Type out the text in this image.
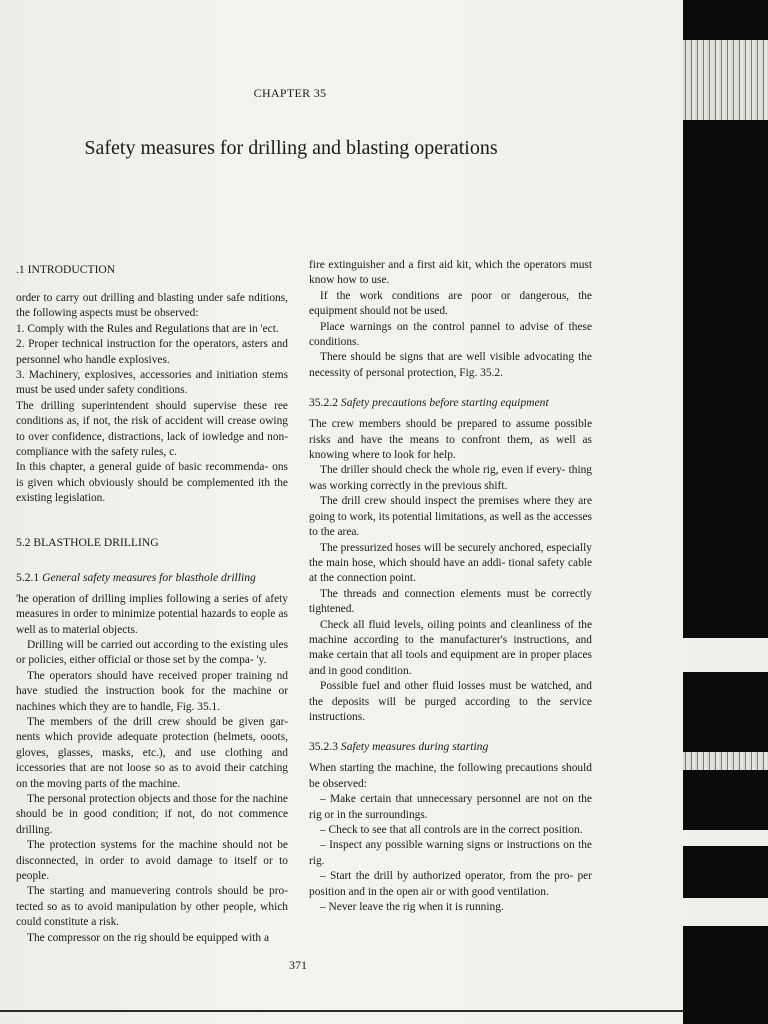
CHAPTER 35
Safety measures for drilling and blasting operations
.1 INTRODUCTION

order to carry out drilling and blasting under safe nditions, the following aspects must be observed:

1. Comply with the Rules and Regulations that are in 'ect.

2. Proper technical instruction for the operators, asters and personnel who handle explosives.

3. Machinery, explosives, accessories and initiation stems must be used under safety conditions.

The drilling superintendent should supervise these ree conditions as, if not, the risk of accident will crease owing to over confidence, distractions, lack of iowledge and non-compliance with the safety rules, c.

In this chapter, a general guide of basic recommenda- ons is given which obviously should be complemented ith the existing legislation.

5.2 BLASTHOLE DRILLING
5.2.1 General safety measures for blasthole drilling

'he operation of drilling implies following a series of afety measures in order to minimize potential hazards to eople as well as to material objects.

Drilling will be carried out according to the existing ules or policies, either official or those set by the compa- 'y.

The operators should have received proper training nd have studied the instruction book for the machine or nachines which they are to handle, Fig. 35.1.

The members of the drill crew should be given gar- nents which provide adequate protection (helmets, ooots, gloves, glasses, masks, etc.), and use clothing and iccessories that are not loose so as to avoid their catching on the moving parts of the machine.

The personal protection objects and those for the nachine should be in good condition; if not, do not commence drilling.

The protection systems for the machine should not be disconnected, in order to avoid damage to itself or to people.

The starting and manuevering controls should be pro- tected so as to avoid manipulation by other people, which could constitute a risk.

The compressor on the rig should be equipped with a

fire extinguisher and a first aid kit, which the operators must know how to use.

If the work conditions are poor or dangerous, the equipment should not be used.

Place warnings on the control pannel to advise of these conditions.

There should be signs that are well visible advocating the necessity of personal protection, Fig. 35.2.

35.2.2 Safety precautions before starting equipment

The crew members should be prepared to assume possible risks and have the means to confront them, as well as knowing where to look for help.

The driller should check the whole rig, even if every- thing was working correctly in the previous shift.

The drill crew should inspect the premises where they are going to work, its potential limitations, as well as the accesses to the area.

The pressurized hoses will be securely anchored, especially the main hose, which should have an addi- tional safety cable at the connection point.

The threads and connection elements must be correctly tightened.

Check all fluid levels, oiling points and cleanliness of the machine according to the manufacturer's instructions, and make certain that all tools and equipment are in proper places and in good condition.

Possible fuel and other fluid losses must be watched, and the deposits will be purged according to the service instructions.

35.2.3 Safety measures during starting

When starting the machine, the following precautions should be observed:

– Make certain that unnecessary personnel are not on the rig or in the surroundings.

– Check to see that all controls are in the correct position.

– Inspect any possible warning signs or instructions on the rig.

– Start the drill by authorized operator, from the pro- per position and in the open air or with good ventilation.

– Never leave the rig when it is running.

371
